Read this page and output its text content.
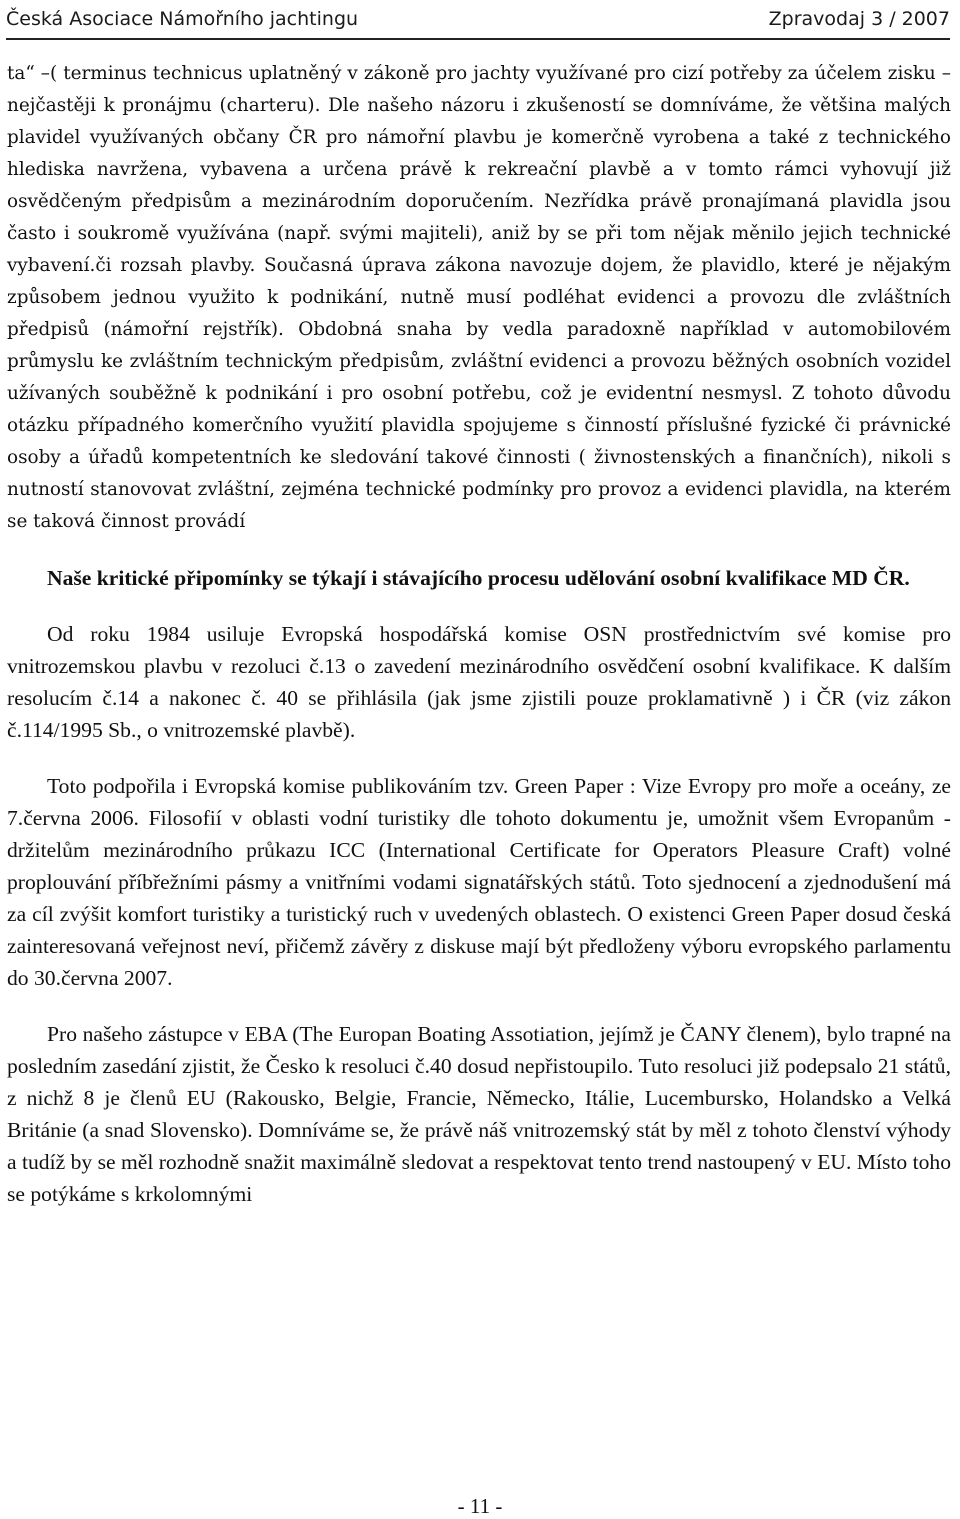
Česká Asociace Námořního jachtingu	Zpravodaj 3 / 2007

ta“ –( terminus technicus uplatněný v zákoně pro jachty využívané pro cizí potřeby za účelem zisku – nejčastěji k pronájmu (charteru). Dle našeho názoru i zkušeností se domníváme, že většina malých plavidel využívaných občany ČR pro námořní plavbu je komerčně vyrobena a také z technického hlediska navržena, vybavena a určena právě k rekreační plavbě a v tomto rámci vyhovují již osvědčeným předpisům a mezinárodním doporučením. Nezřídka právě pronajímaná plavidla jsou často i soukromě využívána (např. svými majiteli), aniž by se při tom nějak měnilo jejich technické vybavení.či rozsah plavby. Současná úprava zákona navozuje dojem, že plavidlo, které je nějakým způsobem jednou využito k podnikání, nutně musí podléhat evidenci a provozu dle zvláštních předpisů (námořní rejstřík). Obdobná snaha by vedla paradoxně například v automobilovém průmyslu ke zvláštním technickým předpisům, zvláštní evidenci a provozu běžných osobních vozidel užívaných souběžně k podnikání i pro osobní potřebu, což je evidentní nesmysl. Z tohoto důvodu otázku případného komerčního využití plavidla spojujeme s činností příslušné fyzické či právnické osoby a úřadů kompetentních ke sledování takové činnosti ( živnostenských a finančních), nikoli s nutností stanovovat zvláštní, zejména technické podmínky pro provoz a evidenci plavidla, na kterém se taková činnost provádí

Naše kritické připomínky se týkají i stávajícího procesu udělování osobní kvalifikace MD ČR.

Od roku 1984 usiluje Evropská hospodářská komise OSN prostřednictvím své komise pro vnitrozemskou plavbu v rezoluci č.13 o zavedení mezinárodního osvědčení osobní kvalifikace. K dalším resolucím č.14 a nakonec č. 40 se přihlásila (jak jsme zjistili pouze proklamativně ) i ČR (viz zákon č.114/1995 Sb., o vnitrozemské plavbě).

Toto podpořila i Evropská komise publikováním tzv. Green Paper : Vize Evropy pro moře a oceány, ze 7.června 2006. Filosofií v oblasti vodní turistiky dle tohoto dokumentu je, umožnit všem Evropanům - držitelům mezinárodního průkazu ICC (International Certificate for Operators Pleasure Craft) volné proplouvání příbřežními pásmy a vnitřními vodami signatářských států. Toto sjednocení a zjednodušení má za cíl zvýšit komfort turistiky a turistický ruch v uvedených oblastech. O existenci Green Paper dosud česká zainteresovaná veřejnost neví, přičemž závěry z diskuse mají být předloženy výboru evropského parlamentu do 30.června 2007.

Pro našeho zástupce v EBA (The Europan Boating Assotiation, jejímž je ČANY členem), bylo trapné na posledním zasedání zjistit, že Česko k resoluci č.40 dosud nepřistoupilo. Tuto resoluci již podepsalo 21 států, z nichž 8 je členů EU (Rakousko, Belgie, Francie, Německo, Itálie, Lucembursko, Holandsko a Velká Británie (a snad Slovensko). Domníváme se, že právě náš vnitrozemský stát by měl z tohoto členství výhody a tudíž by se měl rozhodně snažit maximálně sledovat a respektovat tento trend nastoupený v EU. Místo toho se potýkáme s krkolomnými

- 11 -
